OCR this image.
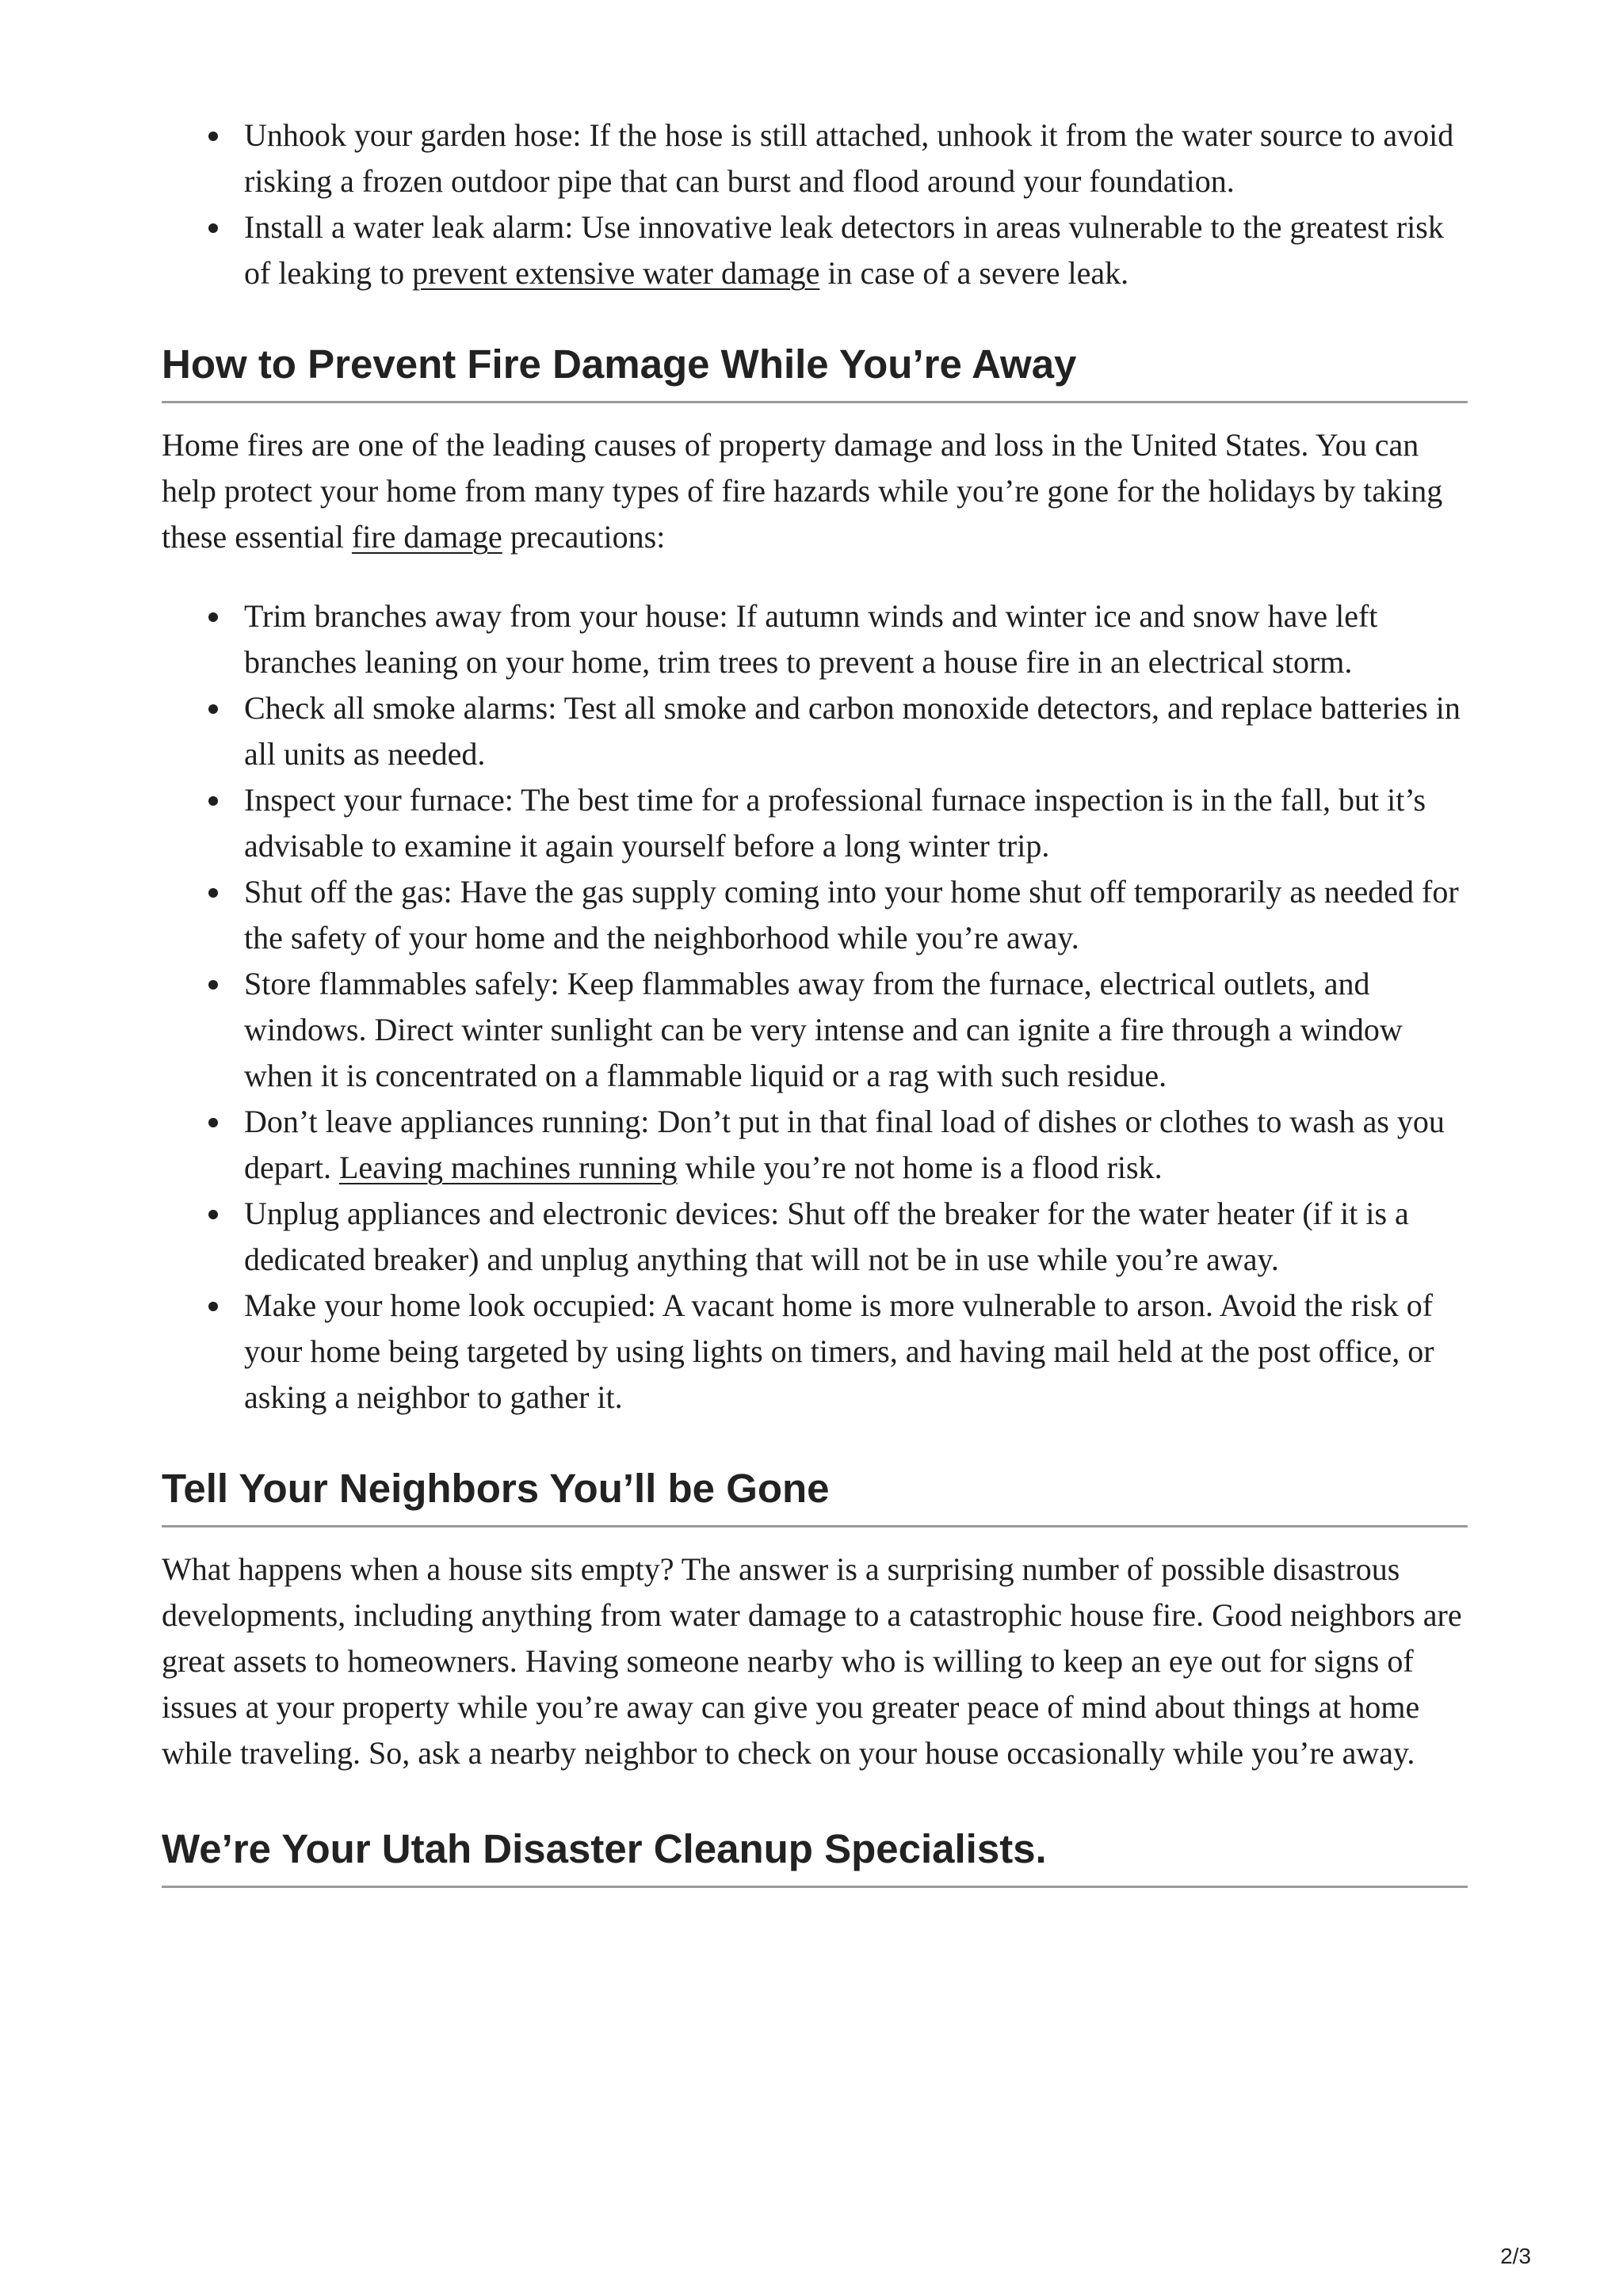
Unhook your garden hose: If the hose is still attached, unhook it from the water source to avoid risking a frozen outdoor pipe that can burst and flood around your foundation.
Install a water leak alarm: Use innovative leak detectors in areas vulnerable to the greatest risk of leaking to prevent extensive water damage in case of a severe leak.
How to Prevent Fire Damage While You’re Away

Home fires are one of the leading causes of property damage and loss in the United States. You can help protect your home from many types of fire hazards while you’re gone for the holidays by taking these essential fire damage precautions:

Trim branches away from your house: If autumn winds and winter ice and snow have left branches leaning on your home, trim trees to prevent a house fire in an electrical storm.
Check all smoke alarms: Test all smoke and carbon monoxide detectors, and replace batteries in all units as needed.
Inspect your furnace: The best time for a professional furnace inspection is in the fall, but it’s advisable to examine it again yourself before a long winter trip.
Shut off the gas: Have the gas supply coming into your home shut off temporarily as needed for the safety of your home and the neighborhood while you’re away.
Store flammables safely: Keep flammables away from the furnace, electrical outlets, and windows. Direct winter sunlight can be very intense and can ignite a fire through a window when it is concentrated on a flammable liquid or a rag with such residue.
Don’t leave appliances running: Don’t put in that final load of dishes or clothes to wash as you depart. Leaving machines running while you’re not home is a flood risk.
Unplug appliances and electronic devices: Shut off the breaker for the water heater (if it is a dedicated breaker) and unplug anything that will not be in use while you’re away.
Make your home look occupied: A vacant home is more vulnerable to arson. Avoid the risk of your home being targeted by using lights on timers, and having mail held at the post office, or asking a neighbor to gather it.
Tell Your Neighbors You’ll be Gone

What happens when a house sits empty? The answer is a surprising number of possible disastrous developments, including anything from water damage to a catastrophic house fire. Good neighbors are great assets to homeowners. Having someone nearby who is willing to keep an eye out for signs of issues at your property while you’re away can give you greater peace of mind about things at home while traveling. So, ask a nearby neighbor to check on your house occasionally while you’re away.

We’re Your Utah Disaster Cleanup Specialists.
2/3
